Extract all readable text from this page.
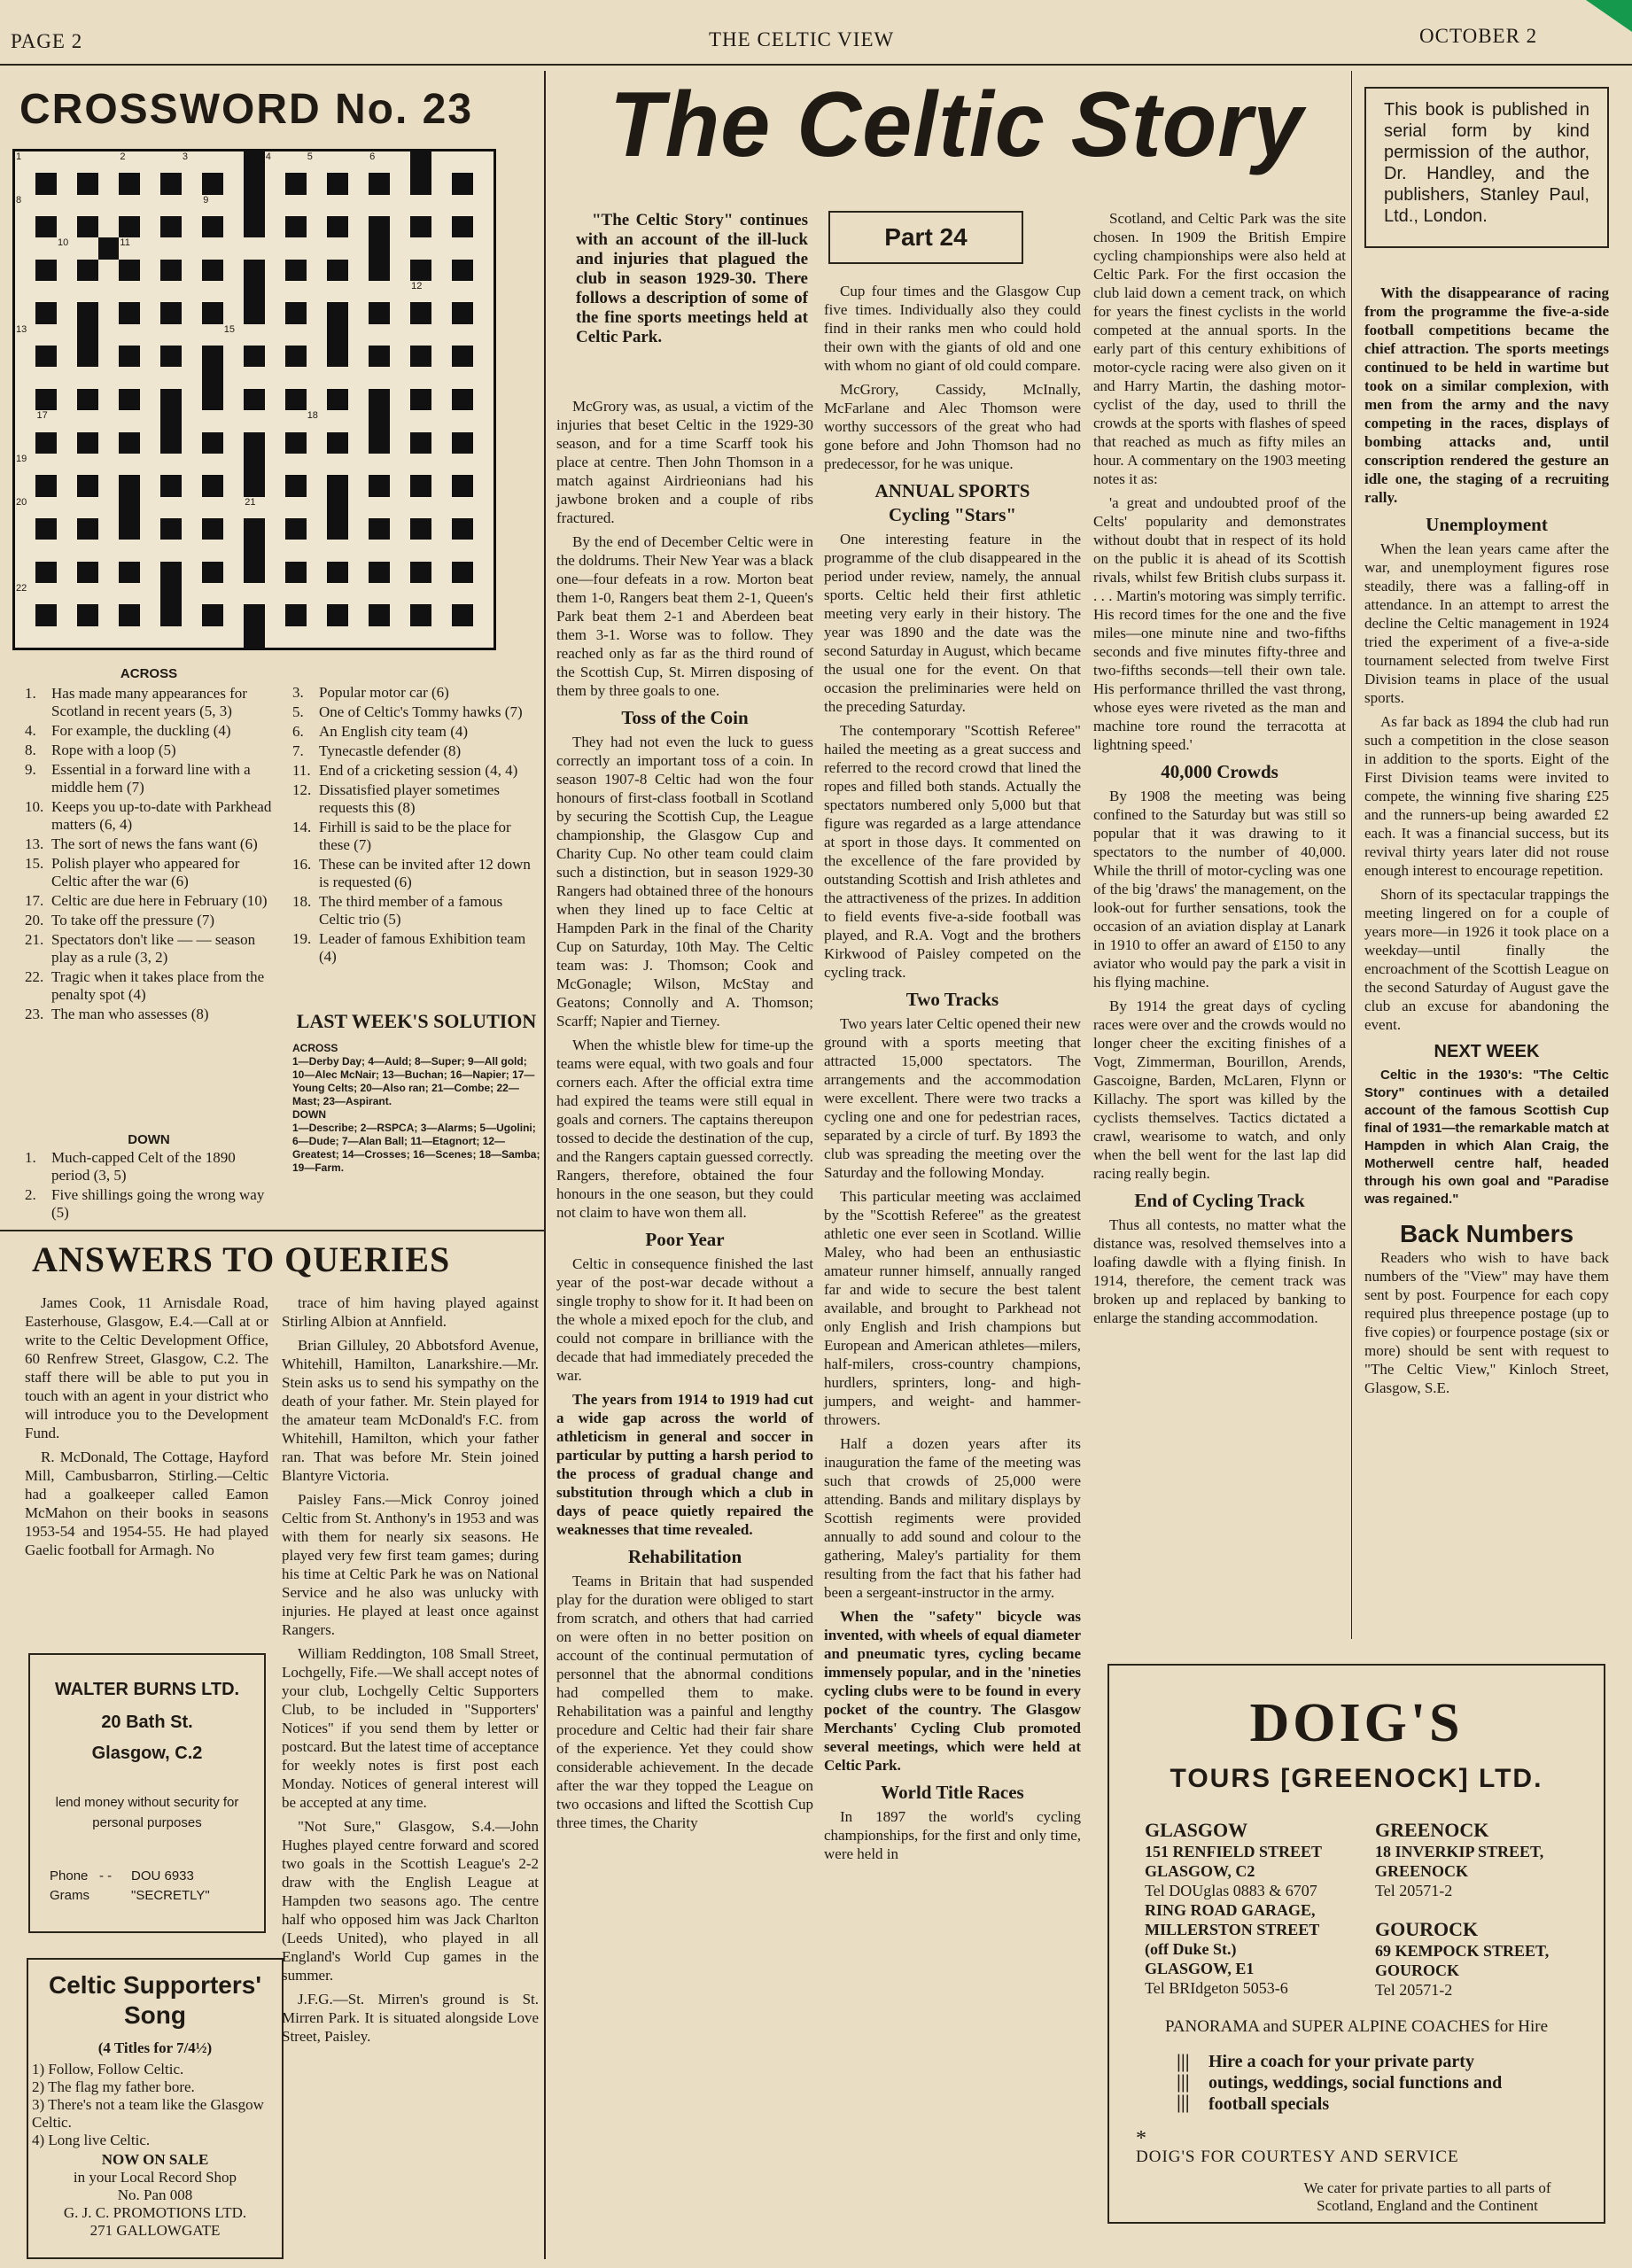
PAGE 2	THE CELTIC VIEW	OCTOBER 2
CROSSWORD No. 23
1	2	3	4	5	6
8	9
10	11
12
13	15
17	18
19
20	21
22
ACROSS
1.	Has made many appearances for Scotland in recent years (5, 3)
4.	For example, the duckling (4)
8.	Rope with a loop (5)
9.	Essential in a forward line with a middle hem (7)
10. Keeps you up-to-date with Parkhead matters (6, 4)
13. The sort of news the fans want (6)
15. Polish player who appeared for Celtic after the war (6)
17. Celtic are due here in February (10)
20. To take off the pressure (7)
21. Spectators don't like — — season play as a rule (3, 2)
22. Tragic when it takes place from the penalty spot (4)
23. The man who assesses (8)
3.	Popular motor car (6)
5.	One of Celtic's Tommy hawks (7)
6.	An English city team (4)
7.	Tynecastle defender (8)
11. End of a cricketing session (4, 4)
12. Dissatisfied player sometimes requests this (8)
14. Firhill is said to be the place for these (7)
16. These can be invited after 12 down is requested (6)
18. The third member of a famous Celtic trio (5)
19. Leader of famous Exhibition team (4)
DOWN
1.	Much-capped Celt of the 1890 period (3, 5)
2.	Five shillings going the wrong way (5)
LAST WEEK'S SOLUTION
ACROSS
1—Derby Day; 4—Auld; 8—Super; 9—All gold; 10—Alec McNair; 13—Buchan; 16—Napier; 17—Young Celts; 20—Also ran; 21—Combe; 22—Mast; 23—Aspirant.
DOWN
1—Describe; 2—RSPCA; 3—Alarms; 5—Ugolini; 6—Dude; 7—Alan Ball; 11—Etagnort; 12—Greatest; 14—Crosses; 16—Scenes; 18—Samba; 19—Farm.
ANSWERS TO QUERIES

James Cook, 11 Arnisdale Road, Easterhouse, Glasgow, E.4.—Call at or write to the Celtic Development Office, 60 Renfrew Street, Glasgow, C.2. The staff there will be able to put you in touch with an agent in your district who will introduce you to the Development Fund.

R. McDonald, The Cottage, Hayford Mill, Cambusbarron, Stirling.—Celtic had a goalkeeper called Eamon McMahon on their books in seasons 1953-54 and 1954-55. He had played Gaelic football for Armagh. No

trace of him having played against Stirling Albion at Annfield.

Brian Gilluley, 20 Abbotsford Avenue, Whitehill, Hamilton, Lanarkshire.—Mr. Stein asks us to send his sympathy on the death of your father. Mr. Stein played for the amateur team McDonald's F.C. from Whitehill, Hamilton, which your father ran. That was before Mr. Stein joined Blantyre Victoria.

Paisley Fans.—Mick Conroy joined Celtic from St. Anthony's in 1953 and was with them for nearly six seasons. He played very few first team games; during his time at Celtic Park he was on National Service and he also was unlucky with injuries. He played at least once against Rangers.

William Reddington, 108 Small Street, Lochgelly, Fife.—We shall accept notes of your club, Lochgelly Celtic Supporters Club, to be included in "Supporters' Notices" if you send them by letter or postcard. But the latest time of acceptance for weekly notes is first post each Monday. Notices of general interest will be accepted at any time.

"Not Sure," Glasgow, S.4.—John Hughes played centre forward and scored two goals in the Scottish League's 2-2 draw with the English League at Hampden two seasons ago. The centre half who opposed him was Jack Charlton (Leeds United), who played in all England's World Cup games in the summer.

J.F.G.—St. Mirren's ground is St. Mirren Park. It is situated alongside Love Street, Paisley.

WALTER BURNS LTD.
20 Bath St.
Glasgow, C.2
lend money without security for personal purposes
Phone - - DOU 6933
Grams	"SECRETLY"
Celtic Supporters' Song
(4 Titles for 7/4½)
1) Follow, Follow Celtic.
2) The flag my father bore.
3) There's not a team like the Glasgow Celtic.
4) Long live Celtic.
NOW ON SALE
in your Local Record Shop
No. Pan 008
G. J. C. PROMOTIONS LTD.
271 GALLOWGATE
The Celtic Story	This book is published in serial form by kind permission of the author, Dr. Handley, and the publishers, Stanley Paul, Ltd., London.

"The Celtic Story" continues with an account of the ill-luck and injuries that plagued the club in season 1929-30. There follows a description of some of the fine sports meetings held at Celtic Park.

Part 24

McGrory was, as usual, a victim of the injuries that beset Celtic in the 1929-30 season, and for a time Scarff took his place at centre. Then John Thomson in a match against Airdrieonians had his jawbone broken and a couple of ribs fractured.

By the end of December Celtic were in the doldrums. Their New Year was a black one—four defeats in a row. Morton beat them 1-0, Rangers beat them 2-1, Queen's Park beat them 2-1 and Aberdeen beat them 3-1. Worse was to follow. They reached only as far as the third round of the Scottish Cup, St. Mirren disposing of them by three goals to one.

Toss of the Coin

They had not even the luck to guess correctly an important toss of a coin. In season 1907-8 Celtic had won the four honours of first-class football in Scotland by securing the Scottish Cup, the League championship, the Glasgow Cup and Charity Cup. No other team could claim such a distinction, but in season 1929-30 Rangers had obtained three of the honours when they lined up to face Celtic at Hampden Park in the final of the Charity Cup on Saturday, 10th May. The Celtic team was: J. Thomson; Cook and McGonagle; Wilson, McStay and Geatons; Connolly and A. Thomson; Scarff; Napier and Tierney.

When the whistle blew for time-up the teams were equal, with two goals and four corners each. After the official extra time had expired the teams were still equal in goals and corners. The captains thereupon tossed to decide the destination of the cup, and the Rangers captain guessed correctly. Rangers, therefore, obtained the four honours in the one season, but they could not claim to have won them all.

Poor Year

Celtic in consequence finished the last year of the post-war decade without a single trophy to show for it. It had been on the whole a mixed epoch for the club, and could not compare in brilliance with the decade that had immediately preceded the war.

The years from 1914 to 1919 had cut a wide gap across the world of athleticism in general and soccer in particular by putting a harsh period to the process of gradual change and substitution through which a club in days of peace quietly repaired the weaknesses that time revealed.

Rehabilitation

Teams in Britain that had suspended play for the duration were obliged to start from scratch, and others that had carried on were often in no better position on account of the continual permutation of personnel that the abnormal conditions had compelled them to make. Rehabilitation was a painful and lengthy procedure and Celtic had their fair share of the experience. Yet they could show considerable achievement. In the decade after the war they topped the League on two occasions and lifted the Scottish Cup three times, the Charity

Cup four times and the Glasgow Cup five times. Individually also they could find in their ranks men who could hold their own with the giants of old and one with whom no giant of old could compare.

McGrory, Cassidy, McInally, McFarlane and Alec Thomson were worthy successors of the great who had gone before and John Thomson had no predecessor, for he was unique.

ANNUAL SPORTS
Cycling "Stars"

One interesting feature in the programme of the club disappeared in the period under review, namely, the annual sports. Celtic held their first athletic meeting very early in their history. The year was 1890 and the date was the second Saturday in August, which became the usual one for the event. On that occasion the preliminaries were held on the preceding Saturday.

The contemporary "Scottish Referee" hailed the meeting as a great success and referred to the record crowd that lined the ropes and filled both stands. Actually the spectators numbered only 5,000 but that figure was regarded as a large attendance at sport in those days. It commented on the excellence of the fare provided by outstanding Scottish and Irish athletes and the attractiveness of the prizes. In addition to field events five-a-side football was played, and R.A. Vogt and the brothers Kirkwood of Paisley competed on the cycling track.

Two Tracks

Two years later Celtic opened their new ground with a sports meeting that attracted 15,000 spectators. The arrangements and the accommodation were excellent. There were two tracks a cycling one and one for pedestrian races, separated by a circle of turf. By 1893 the club was spreading the meeting over the Saturday and the following Monday.

This particular meeting was acclaimed by the "Scottish Referee" as the greatest athletic one ever seen in Scotland. Willie Maley, who had been an enthusiastic amateur runner himself, annually ranged far and wide to secure the best talent available, and brought to Parkhead not only English and Irish champions but European and American athletes—milers, half-milers, cross-country champions, hurdlers, sprinters, long- and high-jumpers, and weight- and hammer-throwers.

Half a dozen years after its inauguration the fame of the meeting was such that crowds of 25,000 were attending. Bands and military displays by Scottish regiments were provided annually to add sound and colour to the gathering, Maley's partiality for them resulting from the fact that his father had been a sergeant-instructor in the army.

When the "safety" bicycle was invented, with wheels of equal diameter and pneumatic tyres, cycling became immensely popular, and in the 'nineties cycling clubs were to be found in every pocket of the country. The Glasgow Merchants' Cycling Club promoted several meetings, which were held at Celtic Park.

World Title Races

In 1897 the world's cycling championships, for the first and only time, were held in

Scotland, and Celtic Park was the site chosen. In 1909 the British Empire cycling championships were also held at Celtic Park. For the first occasion the club laid down a cement track, on which for years the finest cyclists in the world competed at the annual sports. In the early part of this century exhibitions of motor-cycle racing were also given on it and Harry Martin, the dashing motor-cyclist of the day, used to thrill the crowds at the sports with flashes of speed that reached as much as fifty miles an hour. A commentary on the 1903 meeting notes it as:

'a great and undoubted proof of the Celts' popularity and demonstrates without doubt that in respect of its hold on the public it is ahead of its Scottish rivals, whilst few British clubs surpass it. . . . Martin's motoring was simply terrific. His record times for the one and the five miles—one minute nine and two-fifths seconds and five minutes fifty-three and two-fifths seconds—tell their own tale. His performance thrilled the vast throng, whose eyes were riveted as the man and machine tore round the terracotta at lightning speed.'

40,000 Crowds

By 1908 the meeting was being confined to the Saturday but was still so popular that it was drawing to it spectators to the number of 40,000. While the thrill of motor-cycling was one of the big 'draws' the management, on the look-out for further sensations, took the occasion of an aviation display at Lanark in 1910 to offer an award of £150 to any aviator who would pay the park a visit in his flying machine.

By 1914 the great days of cycling races were over and the crowds would no longer cheer the exciting finishes of a Vogt, Zimmerman, Bourillon, Arends, Gascoigne, Barden, McLaren, Flynn or Killachy. The sport was killed by the cyclists themselves. Tactics dictated a crawl, wearisome to watch, and only when the bell went for the last lap did racing really begin.

End of Cycling Track

Thus all contests, no matter what the distance was, resolved themselves into a loafing dawdle with a flying finish. In 1914, therefore, the cement track was broken up and replaced by banking to enlarge the standing accommodation.

With the disappearance of racing from the programme the five-a-side football competitions became the chief attraction. The sports meetings continued to be held in wartime but took on a similar complexion, with men from the army and the navy competing in the races, displays of bombing attacks and, until conscription rendered the gesture an idle one, the staging of a recruiting rally.

Unemployment

When the lean years came after the war, and unemployment figures rose steadily, there was a falling-off in attendance. In an attempt to arrest the decline the Celtic management in 1924 tried the experiment of a five-a-side tournament selected from twelve First Division teams in place of the usual sports.

As far back as 1894 the club had run such a competition in the close season in addition to the sports. Eight of the First Division teams were invited to compete, the winning five sharing £25 and the runners-up being awarded £2 each. It was a financial success, but its revival thirty years later did not rouse enough interest to encourage repetition.

Shorn of its spectacular trappings the meeting lingered on for a couple of years more—in 1926 it took place on a weekday—until finally the encroachment of the Scottish League on the second Saturday of August gave the club an excuse for abandoning the event.

NEXT WEEK

Celtic in the 1930's: "The Celtic Story" continues with a detailed account of the famous Scottish Cup final of 1931—the remarkable match at Hampden in which Alan Craig, the Motherwell centre half, headed through his own goal and "Paradise was regained."

Back Numbers

Readers who wish to have back numbers of the "View" may have them sent by post. Fourpence for each copy required plus threepence postage (up to five copies) or fourpence postage (six or more) should be sent with request to "The Celtic View," Kinloch Street, Glasgow, S.E.

DOIG'S
TOURS [GREENOCK] LTD.
GLASGOW
151 RENFIELD STREET
GLASGOW, C2
Tel DOUglas 0883 & 6707
RING ROAD GARAGE,
MILLERSTON STREET
(off Duke St.)
GLASGOW, E1
Tel BRIdgeton 5053-6
GREENOCK
18 INVERKIP STREET,
GREENOCK
Tel 20571-2
GOUROCK
69 KEMPOCK STREET,
GOUROCK
Tel 20571-2
PANORAMA and SUPER ALPINE COACHES for Hire
|||
|||
|||
Hire a coach for your private party outings, weddings, social functions and football specials
*
DOIG'S FOR COURTESY AND SERVICE
We cater for private parties to all parts of Scotland, England and the Continent
